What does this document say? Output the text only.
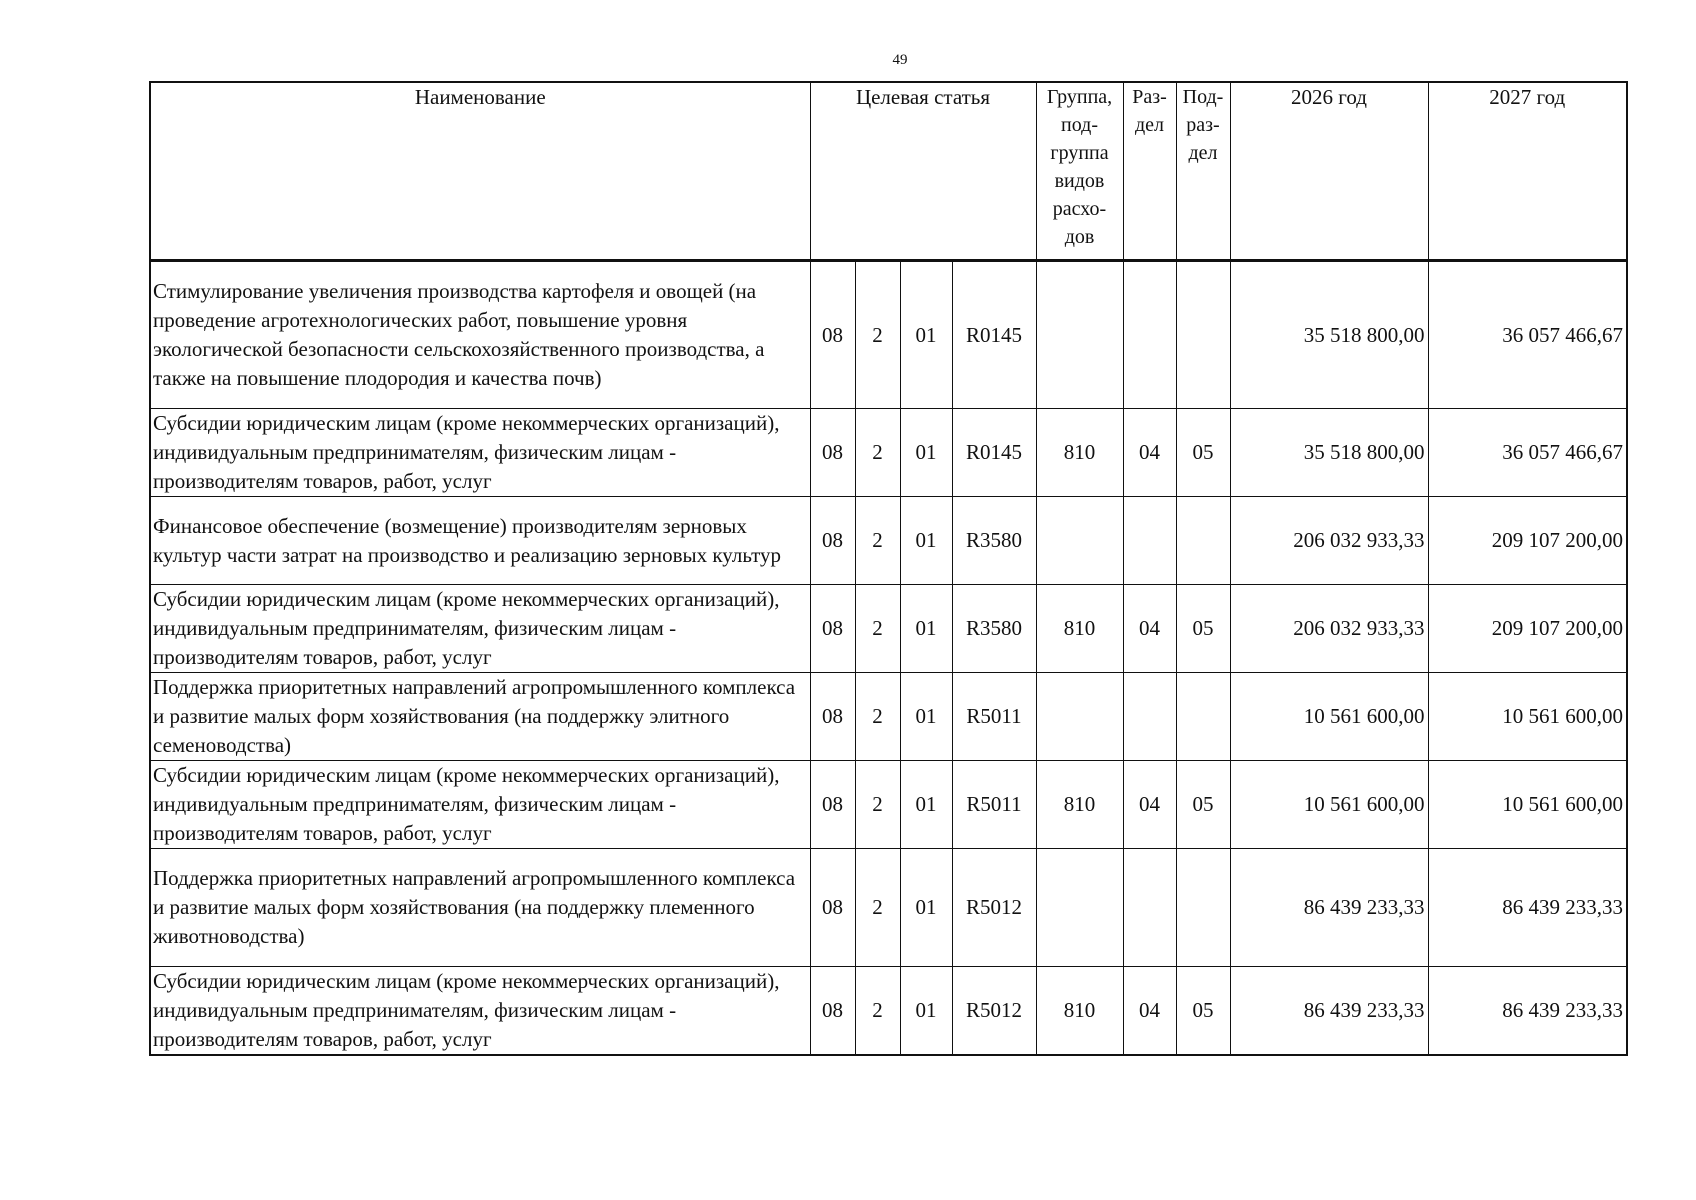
49
Наименование	Целевая статья				Группа, под- группа видов расхо- дов	Раз- дел	Под- раз- дел	2026 год	2027 год
Стимулирование увеличения производства картофеля и овощей (на проведение агротехнологических работ, повышение уровня экологической безопасности сельскохозяйственного производства, а также на повышение плодородия и качества почв)	08	2	01	R0145				35 518 800,00	36 057 466,67
Субсидии юридическим лицам (кроме некоммерческих организаций), индивидуальным предпринимателям, физическим лицам - производителям товаров, работ, услуг	08	2	01	R0145	810	04	05	35 518 800,00	36 057 466,67
Финансовое обеспечение (возмещение) производителям зерновых культур части затрат на производство и реализацию зерновых культур	08	2	01	R3580				206 032 933,33	209 107 200,00
Субсидии юридическим лицам (кроме некоммерческих организаций), индивидуальным предпринимателям, физическим лицам - производителям товаров, работ, услуг	08	2	01	R3580	810	04	05	206 032 933,33	209 107 200,00
Поддержка приоритетных направлений агропромышленного комплекса и развитие малых форм хозяйствования (на поддержку элитного семеноводства)	08	2	01	R5011				10 561 600,00	10 561 600,00
Субсидии юридическим лицам (кроме некоммерческих организаций), индивидуальным предпринимателям, физическим лицам - производителям товаров, работ, услуг	08	2	01	R5011	810	04	05	10 561 600,00	10 561 600,00
Поддержка приоритетных направлений агропромышленного комплекса и развитие малых форм хозяйствования (на поддержку племенного животноводства)	08	2	01	R5012				86 439 233,33	86 439 233,33
Субсидии юридическим лицам (кроме некоммерческих организаций), индивидуальным предпринимателям, физическим лицам - производителям товаров, работ, услуг	08	2	01	R5012	810	04	05	86 439 233,33	86 439 233,33
